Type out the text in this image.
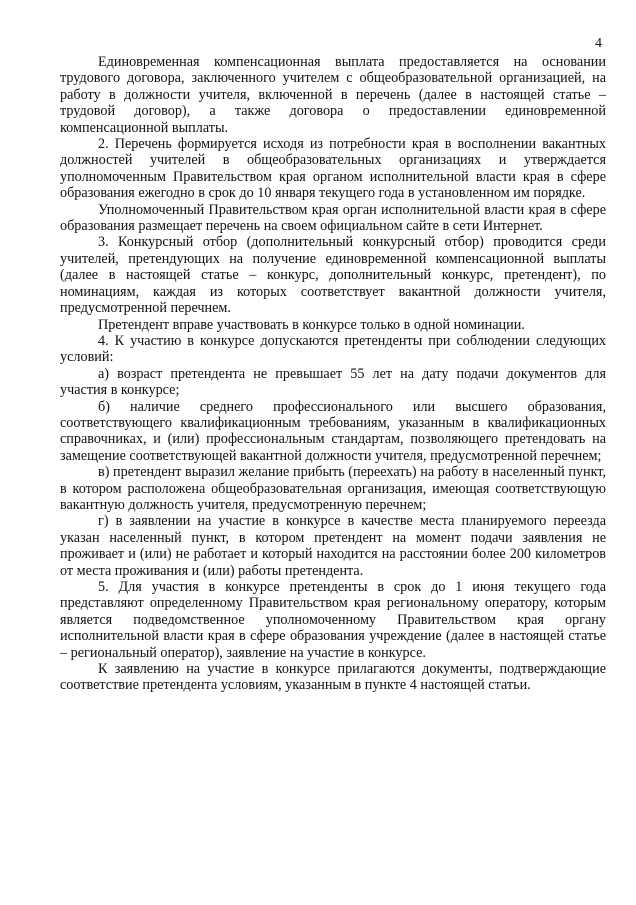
4

Единовременная компенсационная выплата предоставляется на основании трудового договора, заключенного учителем с общеобразовательной организацией, на работу в должности учителя, включенной в перечень (далее в настоящей статье – трудовой договор), а также договора о предоставлении единовременной компенсационной выплаты.

2. Перечень формируется исходя из потребности края в восполнении вакантных должностей учителей в общеобразовательных организациях и утверждается уполномоченным Правительством края органом исполнительной власти края в сфере образования ежегодно в срок до 10 января текущего года в установленном им порядке.

Уполномоченный Правительством края орган исполнительной власти края в сфере образования размещает перечень на своем официальном сайте в сети Интернет.

3. Конкурсный отбор (дополнительный конкурсный отбор) проводится среди учителей, претендующих на получение единовременной компенсационной выплаты (далее в настоящей статье – конкурс, дополнительный конкурс, претендент), по номинациям, каждая из которых соответствует вакантной должности учителя, предусмотренной перечнем.

Претендент вправе участвовать в конкурсе только в одной номинации.

4. К участию в конкурсе допускаются претенденты при соблюдении следующих условий:

а) возраст претендента не превышает 55 лет на дату подачи документов для участия в конкурсе;

б) наличие среднего профессионального или высшего образования, соответствующего квалификационным требованиям, указанным в квалификационных справочниках, и (или) профессиональным стандартам, позволяющего претендовать на замещение соответствующей вакантной должности учителя, предусмотренной перечнем;

в) претендент выразил желание прибыть (переехать) на работу в населенный пункт, в котором расположена общеобразовательная организация, имеющая соответствующую вакантную должность учителя, предусмотренную перечнем;

г) в заявлении на участие в конкурсе в качестве места планируемого переезда указан населенный пункт, в котором претендент на момент подачи заявления не проживает и (или) не работает и который находится на расстоянии более 200 километров от места проживания и (или) работы претендента.

5. Для участия в конкурсе претенденты в срок до 1 июня текущего года представляют определенному Правительством края региональному оператору, которым является подведомственное уполномоченному Правительством края органу исполнительной власти края в сфере образования учреждение (далее в настоящей статье – региональный оператор), заявление на участие в конкурсе.

К заявлению на участие в конкурсе прилагаются документы, подтверждающие соответствие претендента условиям, указанным в пункте 4 настоящей статьи.
